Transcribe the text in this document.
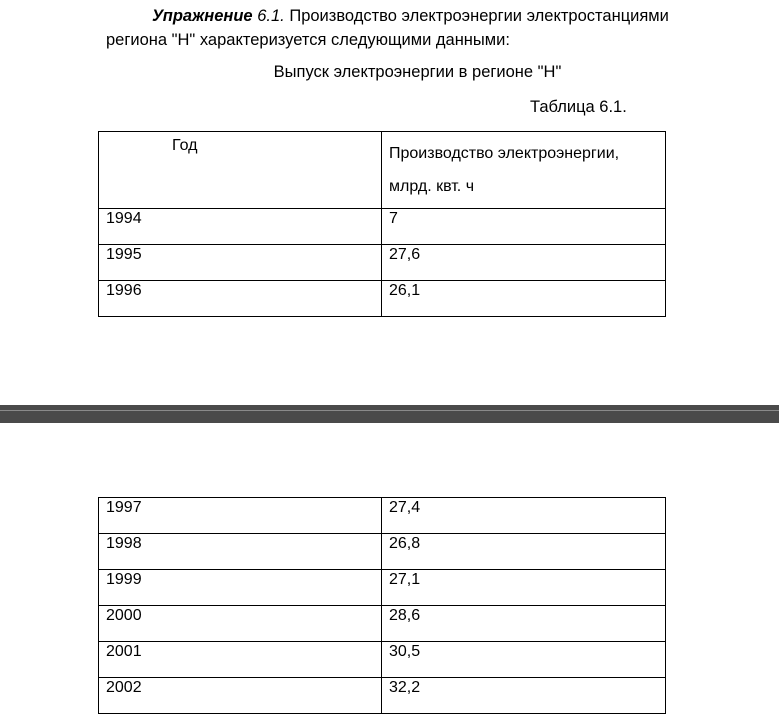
Упражнение 6.1. Производство электроэнергии электростанциями
региона "Н" характеризуется следующими данными:

Выпуск электроэнергии в регионе "Н"

Таблица 6.1.

Год	Производство электроэнергии,
млрд. квт. ч

1994	7
1995	27,6
1996	26,1
1997	27,4
1998	26,8
1999	27,1
2000	28,6
2001	30,5
2002	32,2
